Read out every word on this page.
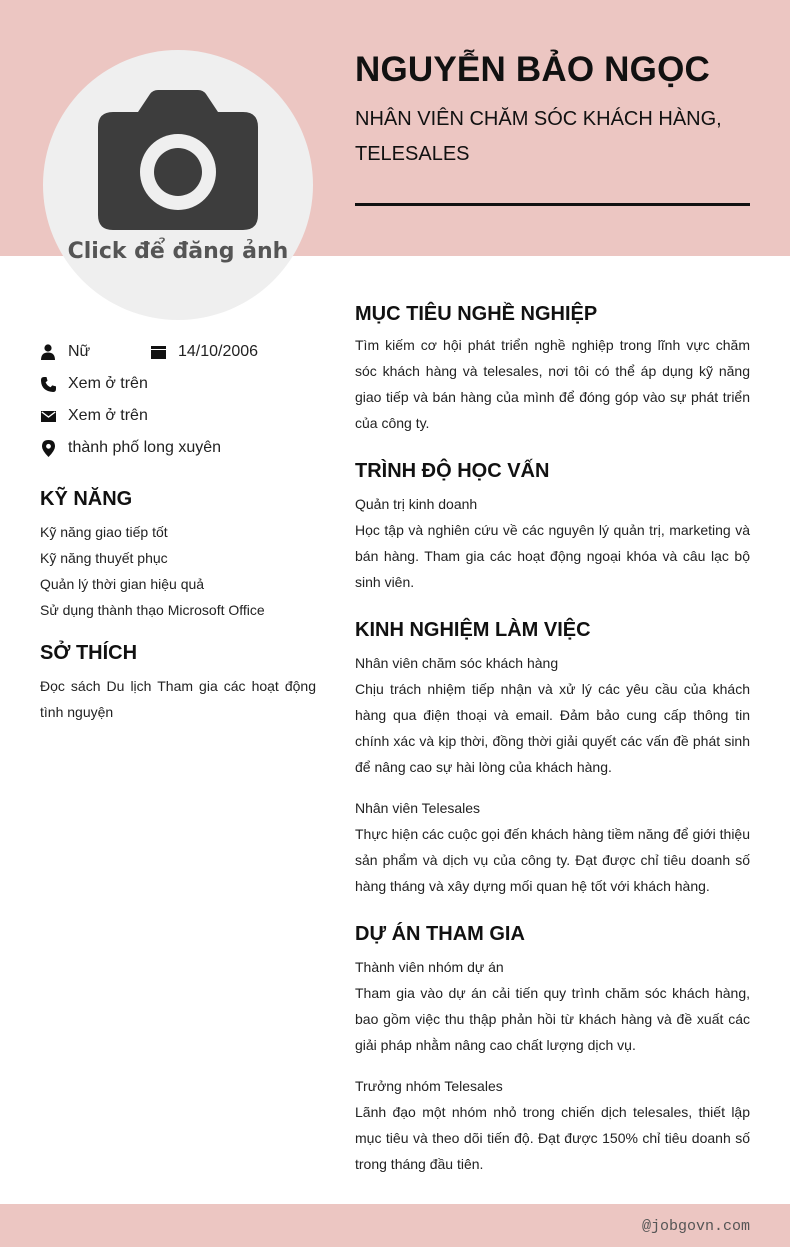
Click để đăng ảnh
NGUYỄN BẢO NGỌC
NHÂN VIÊN CHĂM SÓC KHÁCH HÀNG, TELESALES
Nữ	14/10/2006
Xem ở trên
Xem ở trên
thành phố long xuyên
KỸ NĂNG
Kỹ năng giao tiếp tốt
Kỹ năng thuyết phục
Quản lý thời gian hiệu quả
Sử dụng thành thạo Microsoft Office
SỞ THÍCH
Đọc sách Du lịch Tham gia các hoạt động tình nguyện
MỤC TIÊU NGHỀ NGHIỆP
Tìm kiếm cơ hội phát triển nghề nghiệp trong lĩnh vực chăm sóc khách hàng và telesales, nơi tôi có thể áp dụng kỹ năng giao tiếp và bán hàng của mình để đóng góp vào sự phát triển của công ty.
TRÌNH ĐỘ HỌC VẤN
Quản trị kinh doanh
Học tập và nghiên cứu về các nguyên lý quản trị, marketing và bán hàng. Tham gia các hoạt động ngoại khóa và câu lạc bộ sinh viên.
KINH NGHIỆM LÀM VIỆC
Nhân viên chăm sóc khách hàng
Chịu trách nhiệm tiếp nhận và xử lý các yêu cầu của khách hàng qua điện thoại và email. Đảm bảo cung cấp thông tin chính xác và kịp thời, đồng thời giải quyết các vấn đề phát sinh để nâng cao sự hài lòng của khách hàng.
Nhân viên Telesales
Thực hiện các cuộc gọi đến khách hàng tiềm năng để giới thiệu sản phẩm và dịch vụ của công ty. Đạt được chỉ tiêu doanh số hàng tháng và xây dựng mối quan hệ tốt với khách hàng.
DỰ ÁN THAM GIA
Thành viên nhóm dự án
Tham gia vào dự án cải tiến quy trình chăm sóc khách hàng, bao gồm việc thu thập phản hồi từ khách hàng và đề xuất các giải pháp nhằm nâng cao chất lượng dịch vụ.
Trưởng nhóm Telesales
Lãnh đạo một nhóm nhỏ trong chiến dịch telesales, thiết lập mục tiêu và theo dõi tiến độ. Đạt được 150% chỉ tiêu doanh số trong tháng đầu tiên.
@jobgovn.com
